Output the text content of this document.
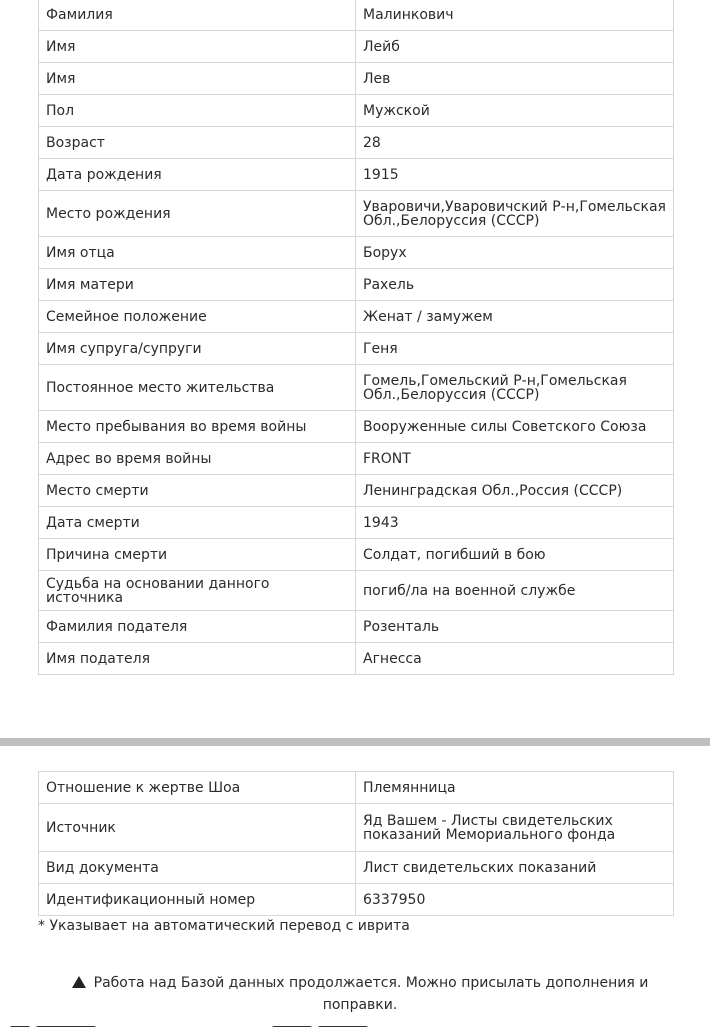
Фамилия	Малинкович
Имя	Лейб
Имя	Лев
Пол	Мужской
Возраст	28
Дата рождения	1915
Место рождения	Уваровичи,Уваровичский Р-н,Гомельская Обл.,Белоруссия (СССР)
Имя отца	Борух
Имя матери	Рахель
Семейное положение	Женат / замужем
Имя супруга/супруги	Геня
Постоянное место жительства	Гомель,Гомельский Р-н,Гомельская Обл.,Белоруссия (СССР)
Место пребывания во время войны	Вооруженные силы Советского Союза
Адрес во время войны	FRONT
Место смерти	Ленинградская Обл.,Россия (СССР)
Дата смерти	1943
Причина смерти	Солдат, погибший в бою
Судьба на основании данного источника	погиб/ла на военной службе
Фамилия подателя	Розенталь
Имя подателя	Агнесса
Отношение к жертве Шоа	Племянница
Источник	Яд Вашем - Листы свидетельских показаний Мемориального фонда
Вид документа	Лист свидетельских показаний
Идентификационный номер	6337950
* Указывает на автоматический перевод с иврита
Работа над Базой данных продолжается. Можно присылать дополнения и поправки.
